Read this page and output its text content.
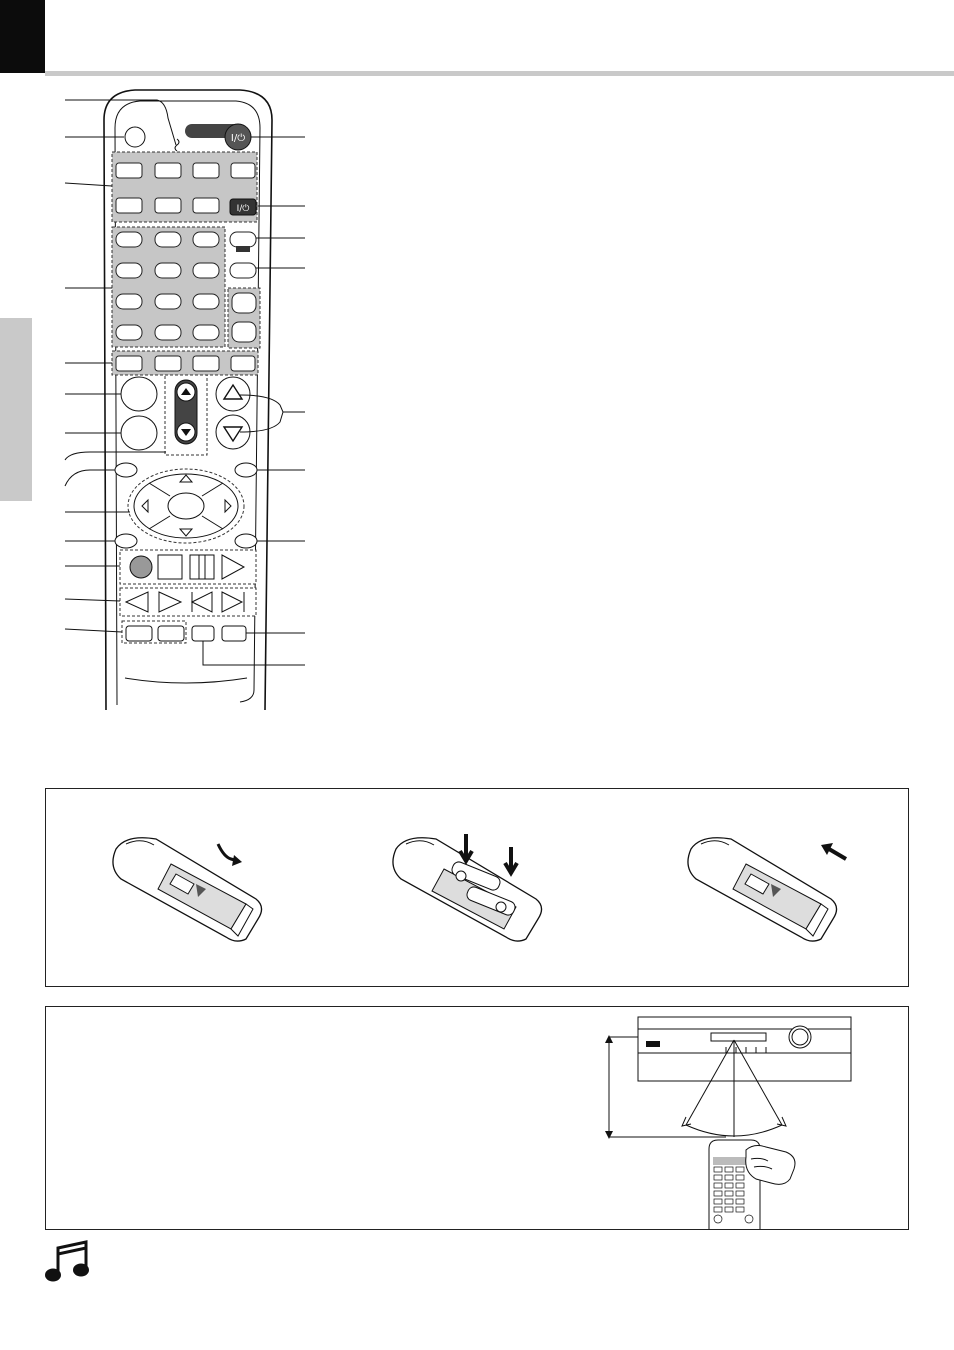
I/⏻
I/⏻
